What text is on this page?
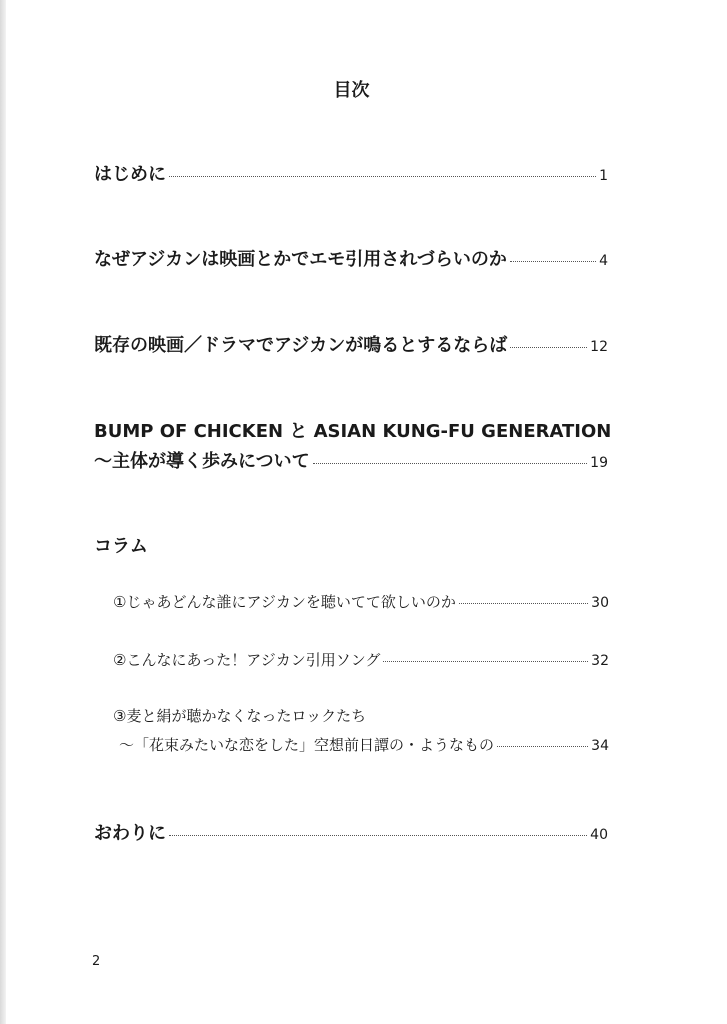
目次
はじめに	1
なぜアジカンは映画とかでエモ引用されづらいのか	4
既存の映画／ドラマでアジカンが鳴るとするならば	12
BUMP OF CHICKEN と ASIAN KUNG-FU GENERATION
～主体が導く歩みについて	19
コラム
①じゃあどんな誰にアジカンを聴いてて欲しいのか	30
②こんなにあった！アジカン引用ソング	32
③麦と絹が聴かなくなったロックたち
～「花束みたいな恋をした」空想前日譚の・ようなもの	34
おわりに	40
2
